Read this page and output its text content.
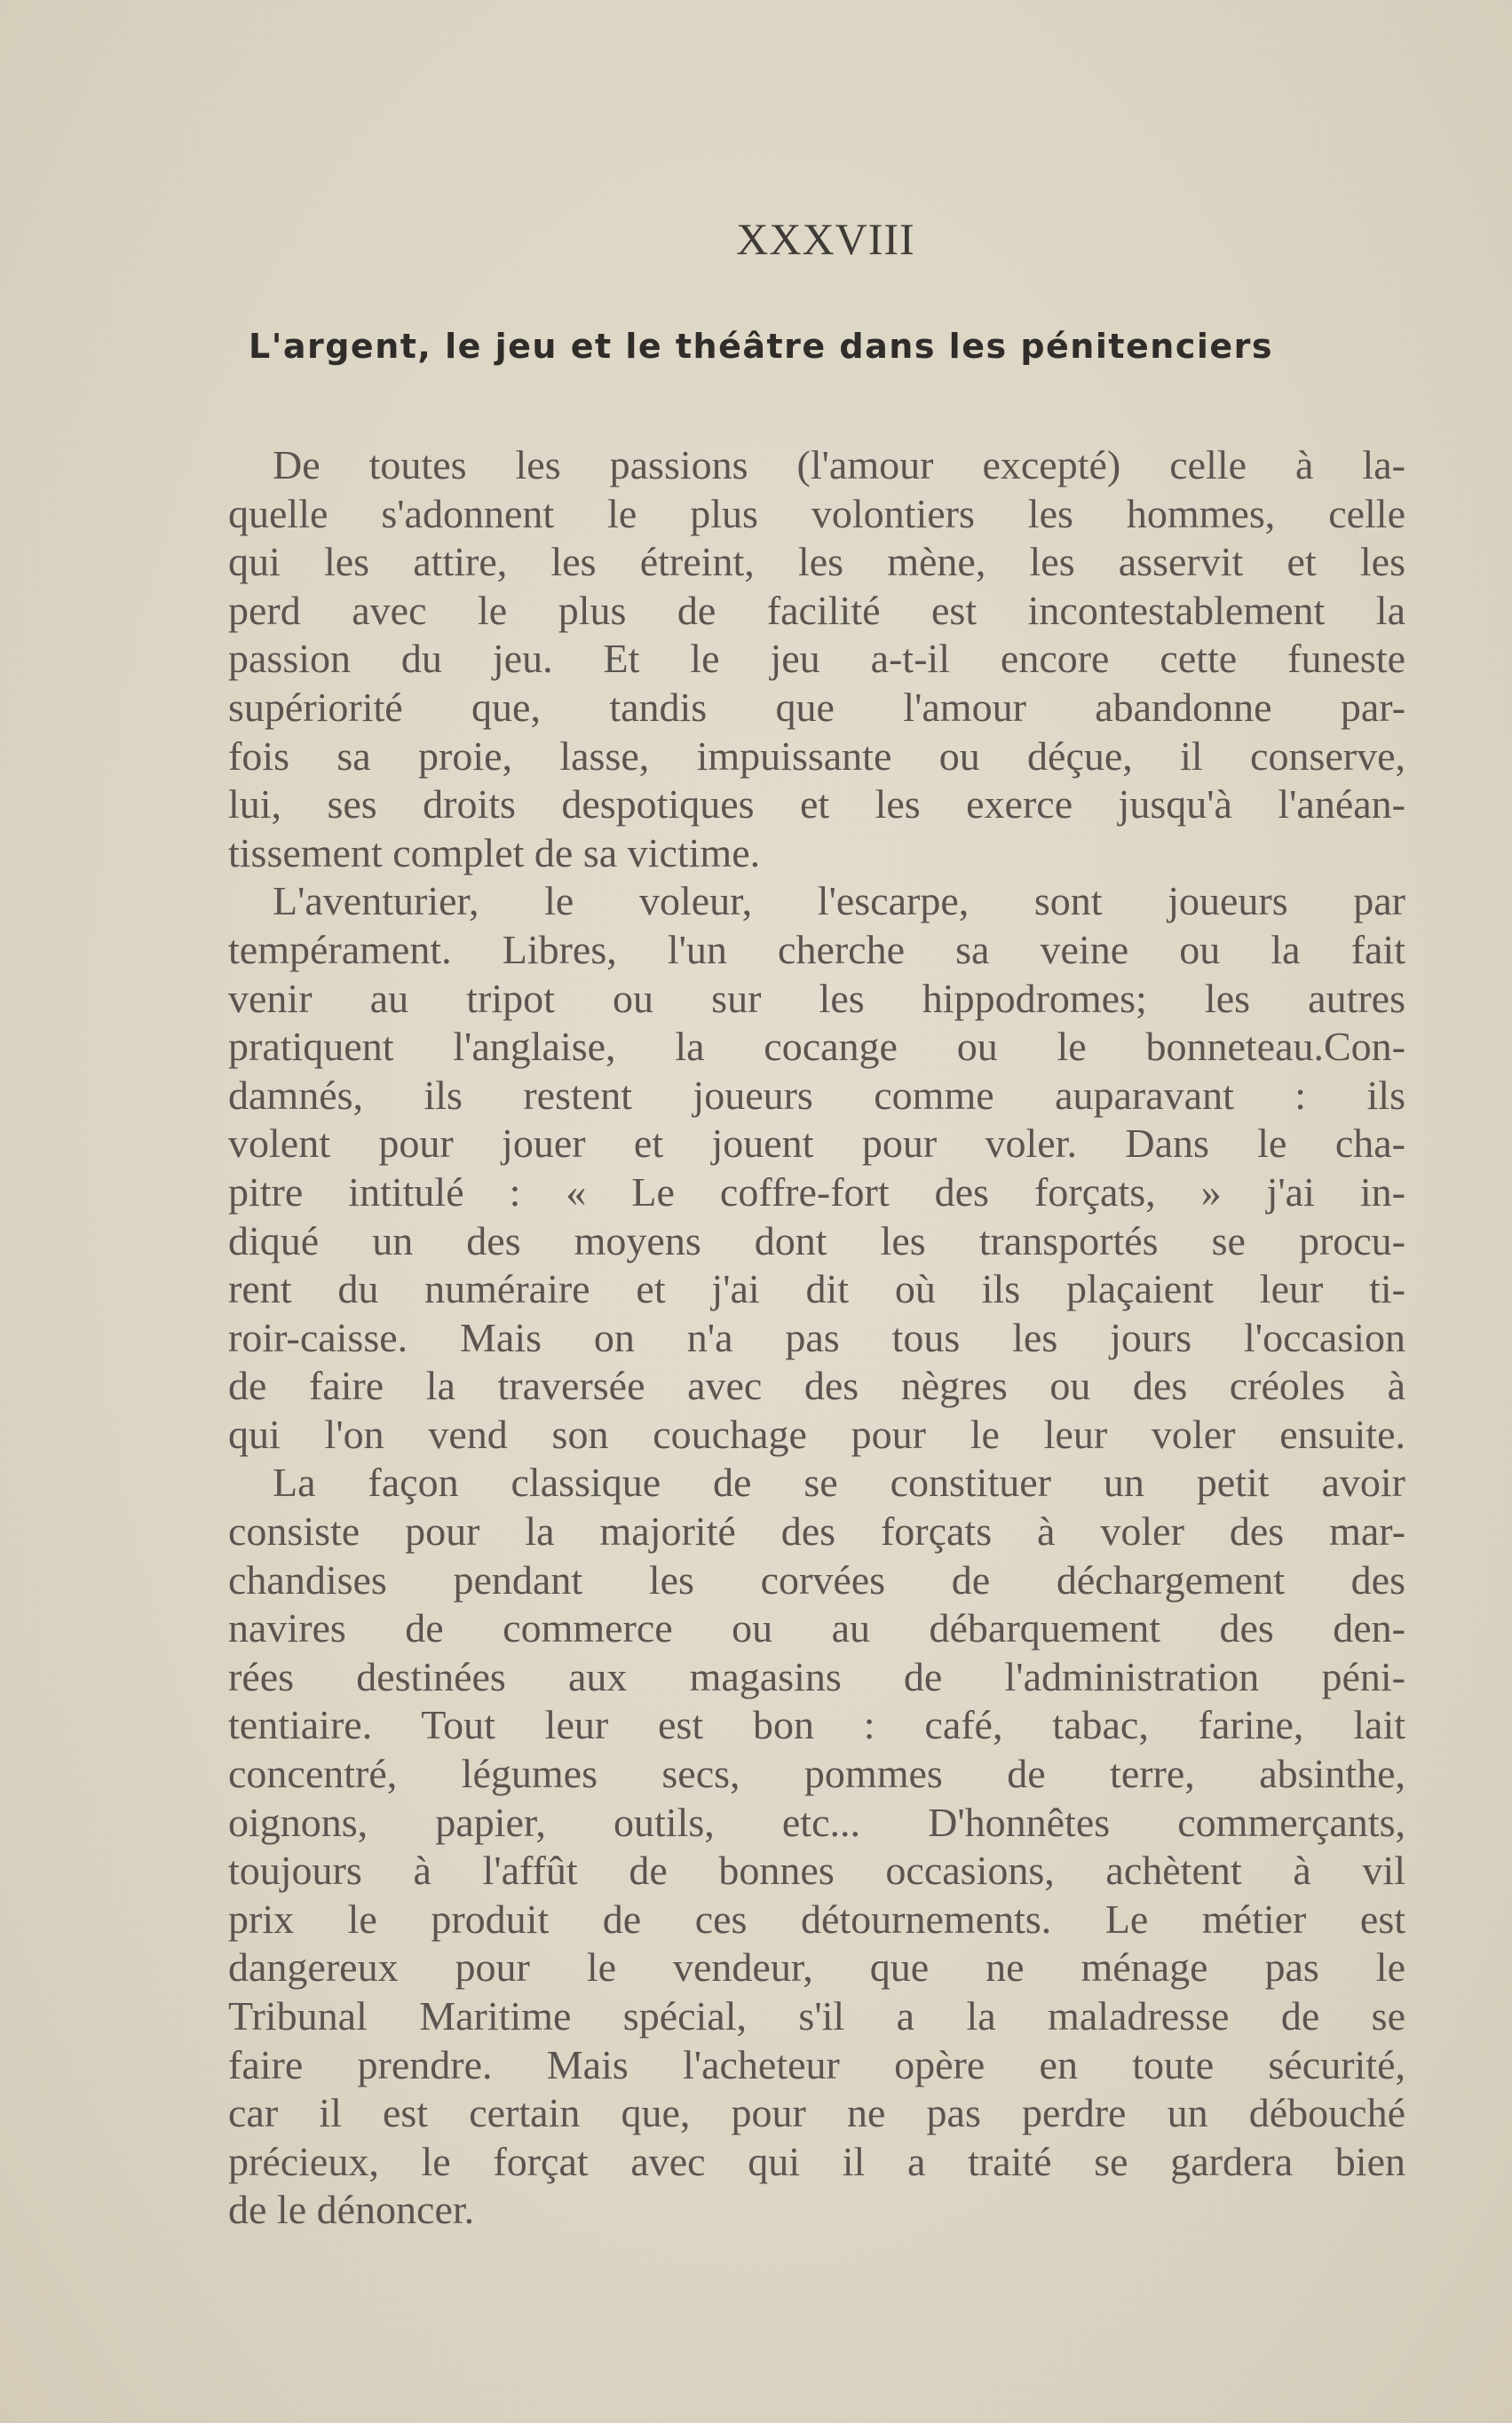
XXXVIII
L'argent, le jeu et le théâtre dans les pénitenciers
De toutes les passions (l'amour excepté) celle à la-
quelle s'adonnent le plus volontiers les hommes, celle
qui les attire, les étreint, les mène, les asservit et les
perd avec le plus de facilité est incontestablement la
passion du jeu. Et le jeu a-t-il encore cette funeste
supériorité que, tandis que l'amour abandonne par-
fois sa proie, lasse, impuissante ou déçue, il conserve,
lui, ses droits despotiques et les exerce jusqu'à l'anéan-
tissement complet de sa victime.
L'aventurier, le voleur, l'escarpe, sont joueurs par
tempérament. Libres, l'un cherche sa veine ou la fait
venir au tripot ou sur les hippodromes; les autres
pratiquent l'anglaise, la cocange ou le bonneteau.Con-
damnés, ils restent joueurs comme auparavant : ils
volent pour jouer et jouent pour voler. Dans le cha-
pitre intitulé : « Le coffre-fort des forçats, » j'ai in-
diqué un des moyens dont les transportés se procu-
rent du numéraire et j'ai dit où ils plaçaient leur ti-
roir-caisse. Mais on n'a pas tous les jours l'occasion
de faire la traversée avec des nègres ou des créoles à
qui l'on vend son couchage pour le leur voler ensuite.
La façon classique de se constituer un petit avoir
consiste pour la majorité des forçats à voler des mar-
chandises pendant les corvées de déchargement des
navires de commerce ou au débarquement des den-
rées destinées aux magasins de l'administration péni-
tentiaire. Tout leur est bon : café, tabac, farine, lait
concentré, légumes secs, pommes de terre, absinthe,
oignons, papier, outils, etc... D'honnêtes commerçants,
toujours à l'affût de bonnes occasions, achètent à vil
prix le produit de ces détournements. Le métier est
dangereux pour le vendeur, que ne ménage pas le
Tribunal Maritime spécial, s'il a la maladresse de se
faire prendre. Mais l'acheteur opère en toute sécurité,
car il est certain que, pour ne pas perdre un débouché
précieux, le forçat avec qui il a traité se gardera bien
de le dénoncer.
